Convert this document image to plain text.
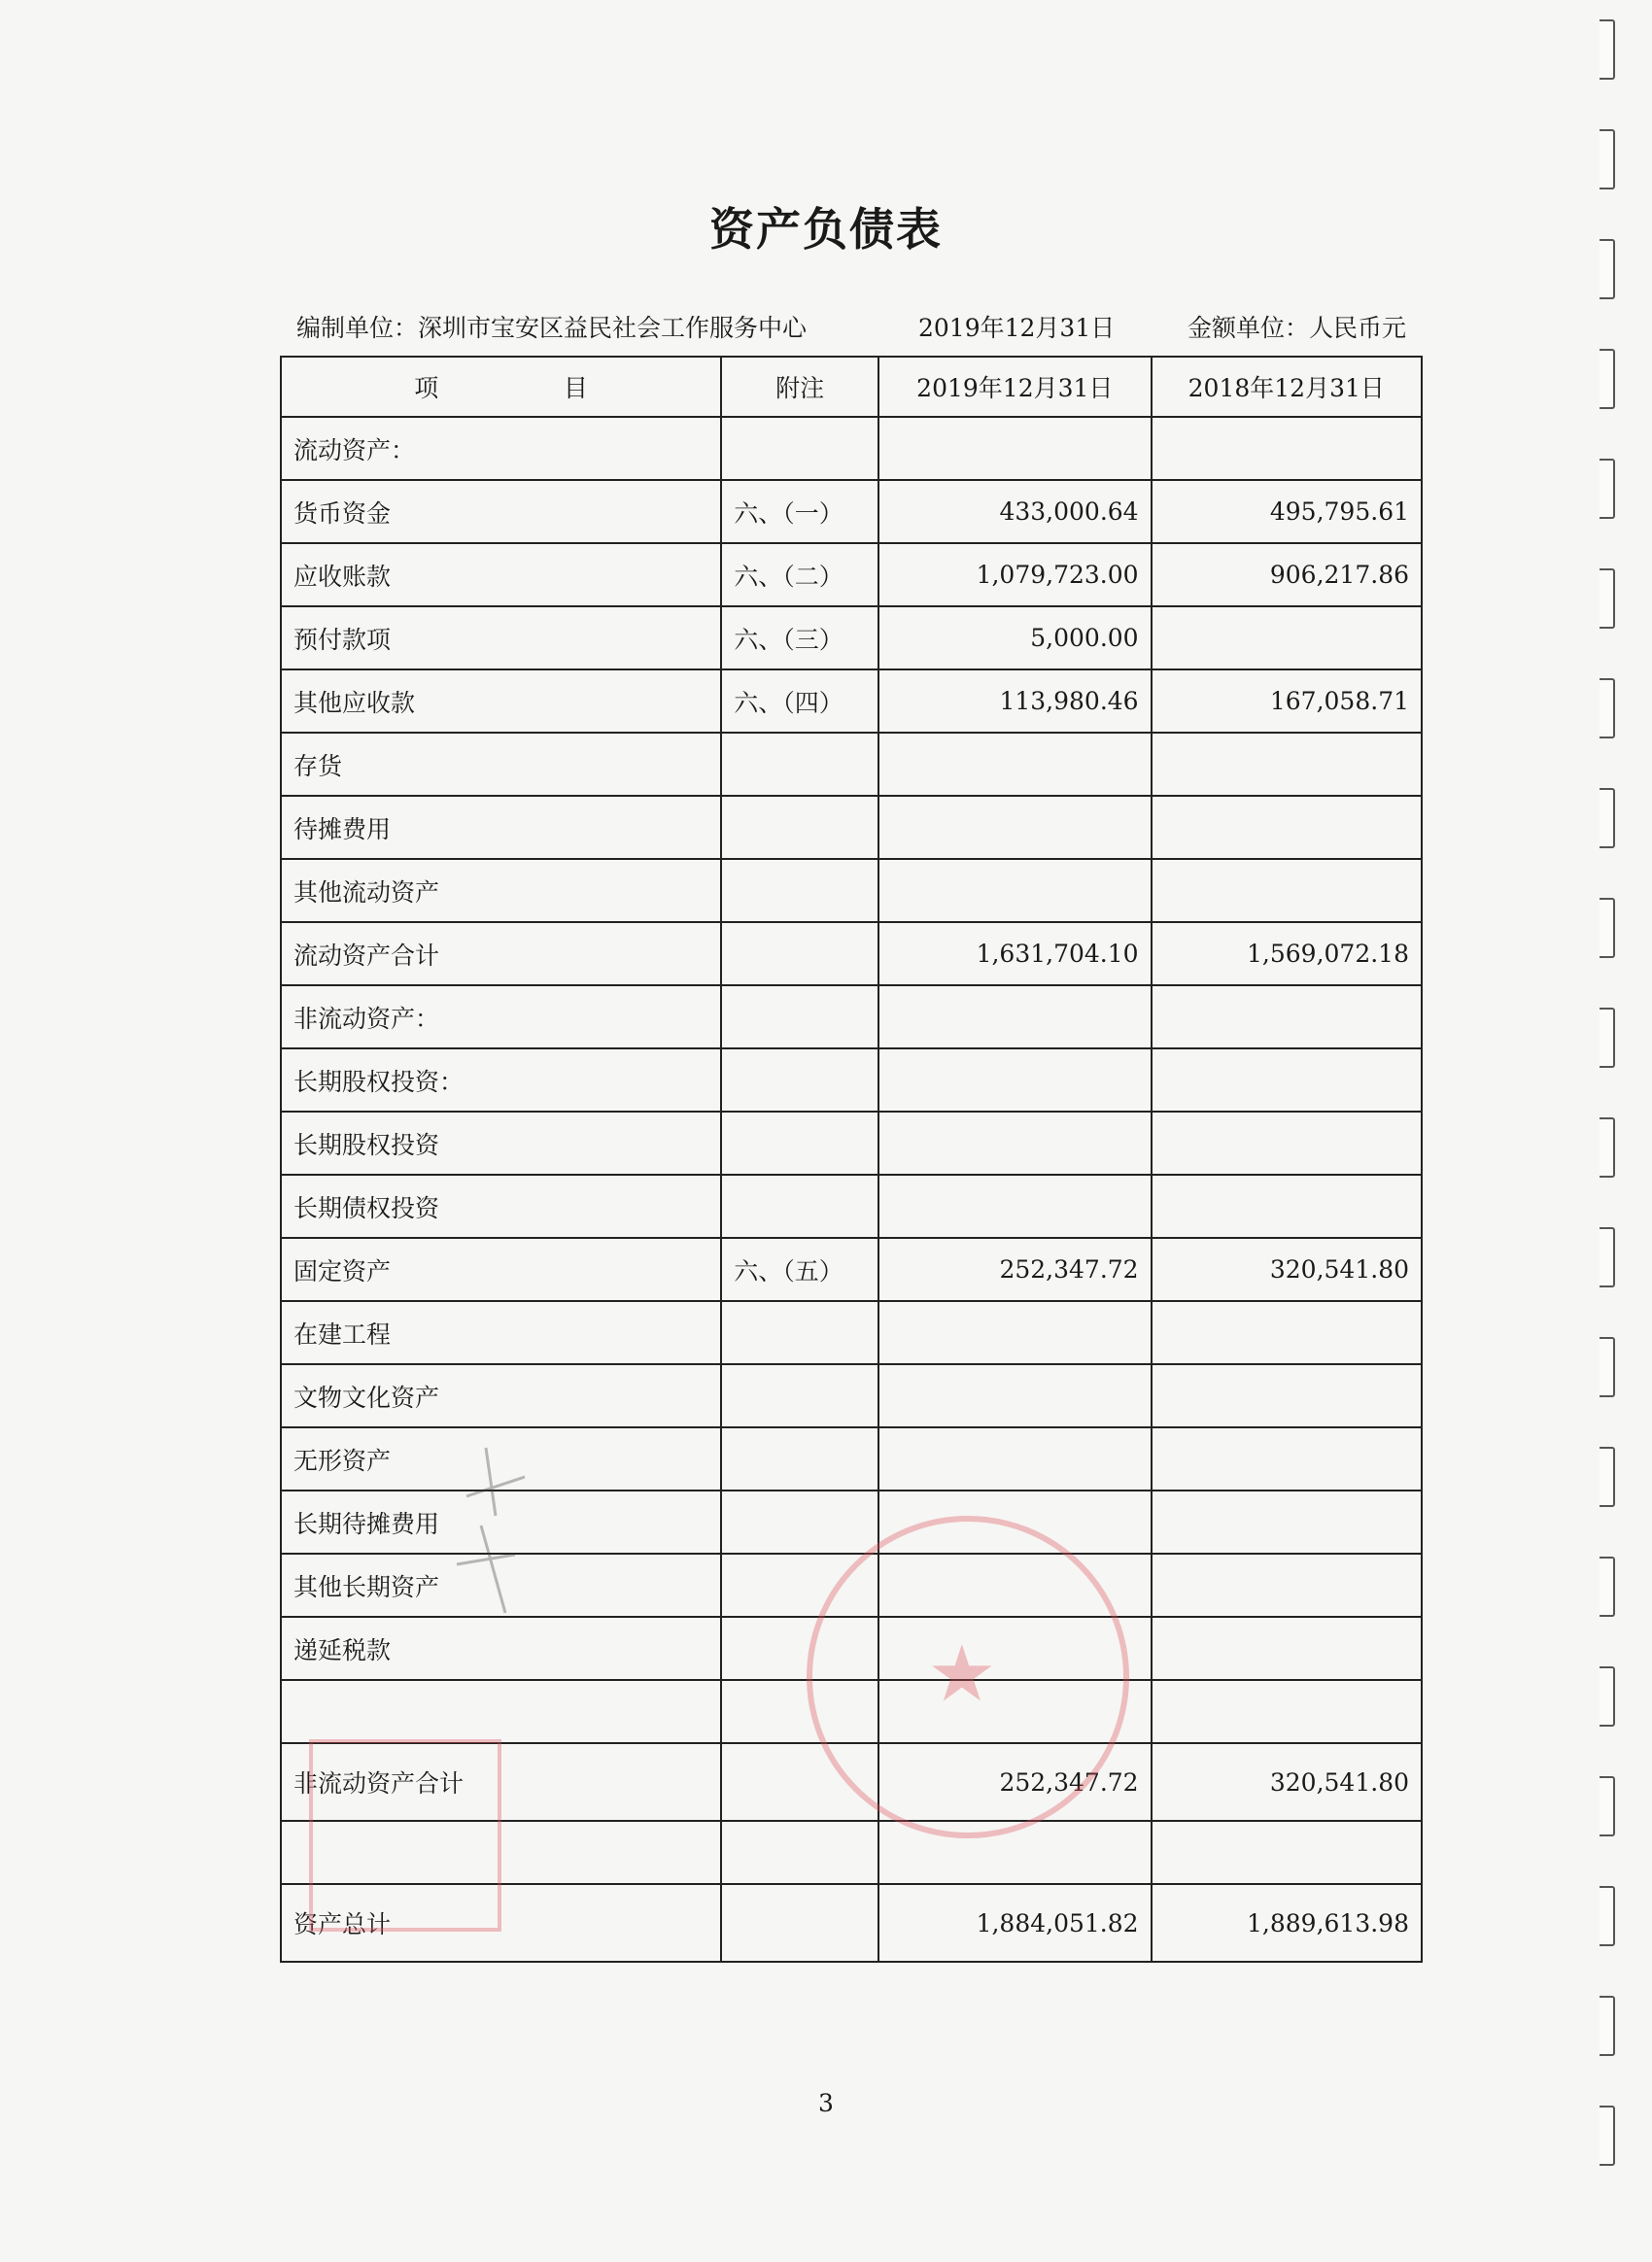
资产负债表
编制单位：深圳市宝安区益民社会工作服务中心	2019年12月31日	金额单位：人民币元
项 目	附注	2019年12月31日	2018年12月31日
流动资产：			
货币资金	六、（一）	433,000.64	495,795.61
应收账款	六、（二）	1,079,723.00	906,217.86
预付款项	六、（三）	5,000.00	
其他应收款	六、（四）	113,980.46	167,058.71
存货			
待摊费用			
其他流动资产			
流动资产合计		1,631,704.10	1,569,072.18
非流动资产：			
长期股权投资：			
长期股权投资			
长期债权投资			
固定资产	六、（五）	252,347.72	320,541.80
在建工程			
文物文化资产			
无形资产			
长期待摊费用			
其他长期资产			
递延税款			

非流动资产合计		252,347.72	320,541.80

资产总计		1,884,051.82	1,889,613.98
★
3
